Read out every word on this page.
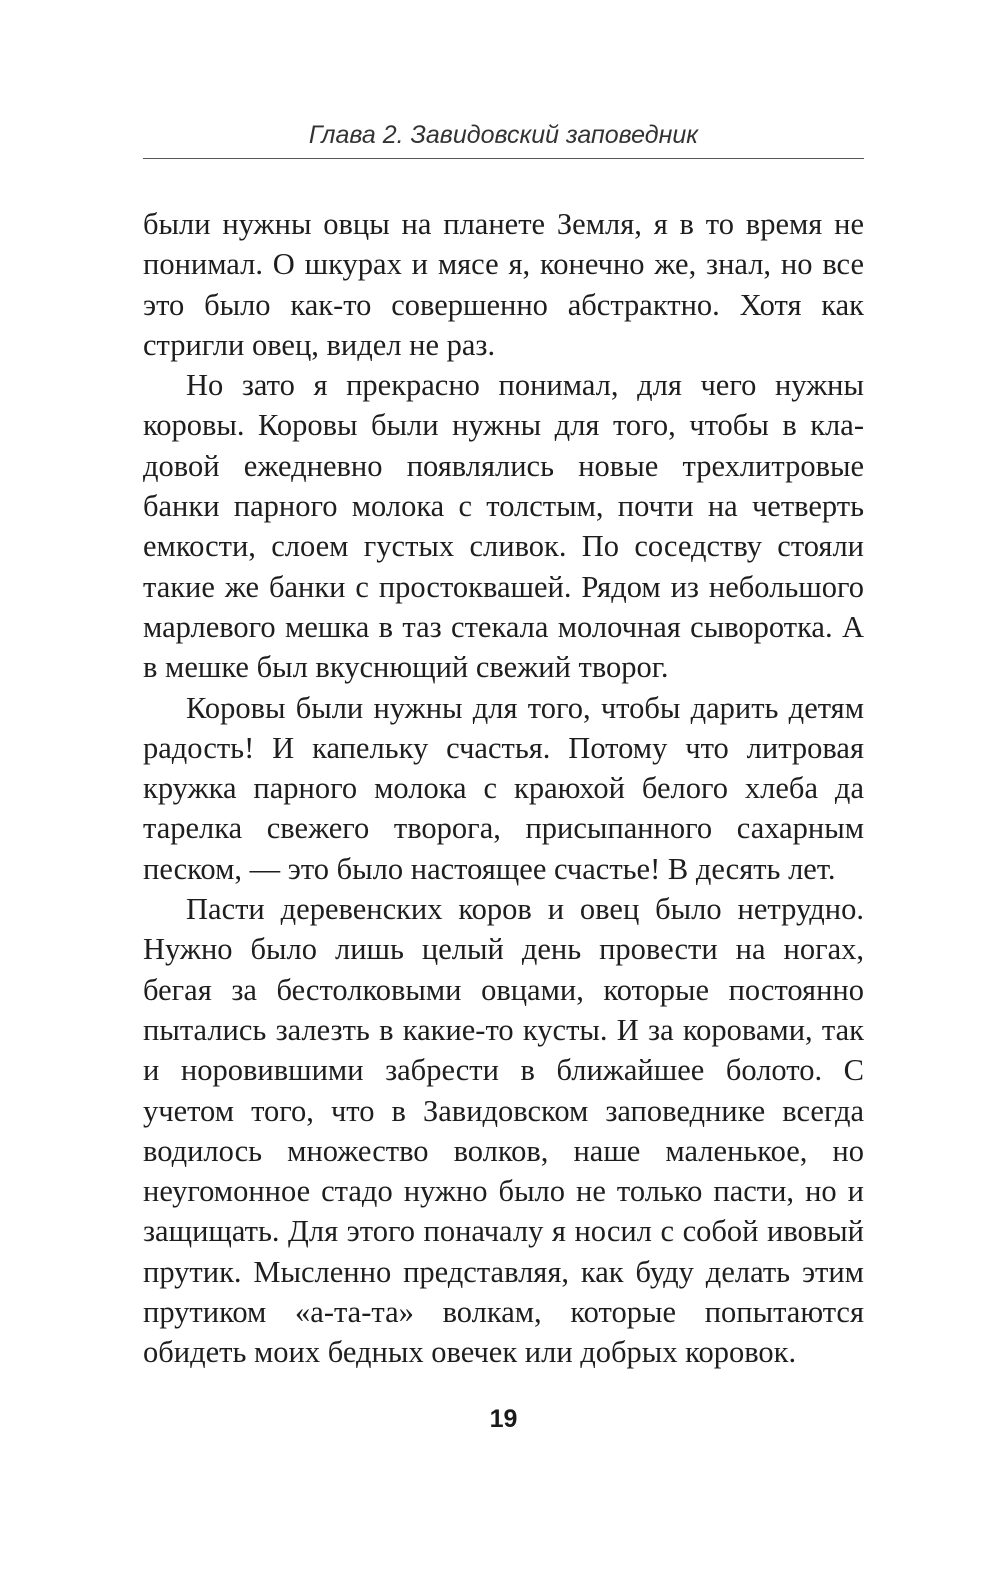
Глава 2. Завидовский заповедник

были нужны овцы на планете Земля, я в то время не понимал. О шкурах и мясе я, конечно же, знал, но все это было как-то совершенно абстрактно. Хотя как стригли овец, видел не раз.

Но зато я прекрасно понимал, для чего нужны коровы. Коровы были нужны для того, чтобы в кладовой ежедневно появлялись новые трехлитровые банки парного молока с толстым, почти на четверть емкости, слоем густых сливок. По соседству стояли такие же банки с простоквашей. Рядом из небольшого марлевого мешка в таз стекала молочная сыворотка. А в мешке был вкуснющий свежий творог.

Коровы были нужны для того, чтобы дарить детям радость! И капельку счастья. Потому что литровая кружка парного молока с краюхой белого хлеба да тарелка свежего творога, присыпанного сахарным песком, — это было настоящее счастье! В десять лет.

Пасти деревенских коров и овец было нетрудно. Нужно было лишь целый день провести на ногах, бегая за бестолковыми овцами, которые постоянно пытались залезть в какие-то кусты. И за коровами, так и норовившими забрести в ближайшее болото. С учетом того, что в Завидовском заповеднике всегда водилось множество волков, наше маленькое, но неугомонное стадо нужно было не только пасти, но и защищать. Для этого поначалу я носил с собой ивовый прутик. Мысленно представляя, как буду делать этим прутиком «а-та-та» волкам, которые попытаются обидеть моих бедных овечек или добрых коровок.

19
